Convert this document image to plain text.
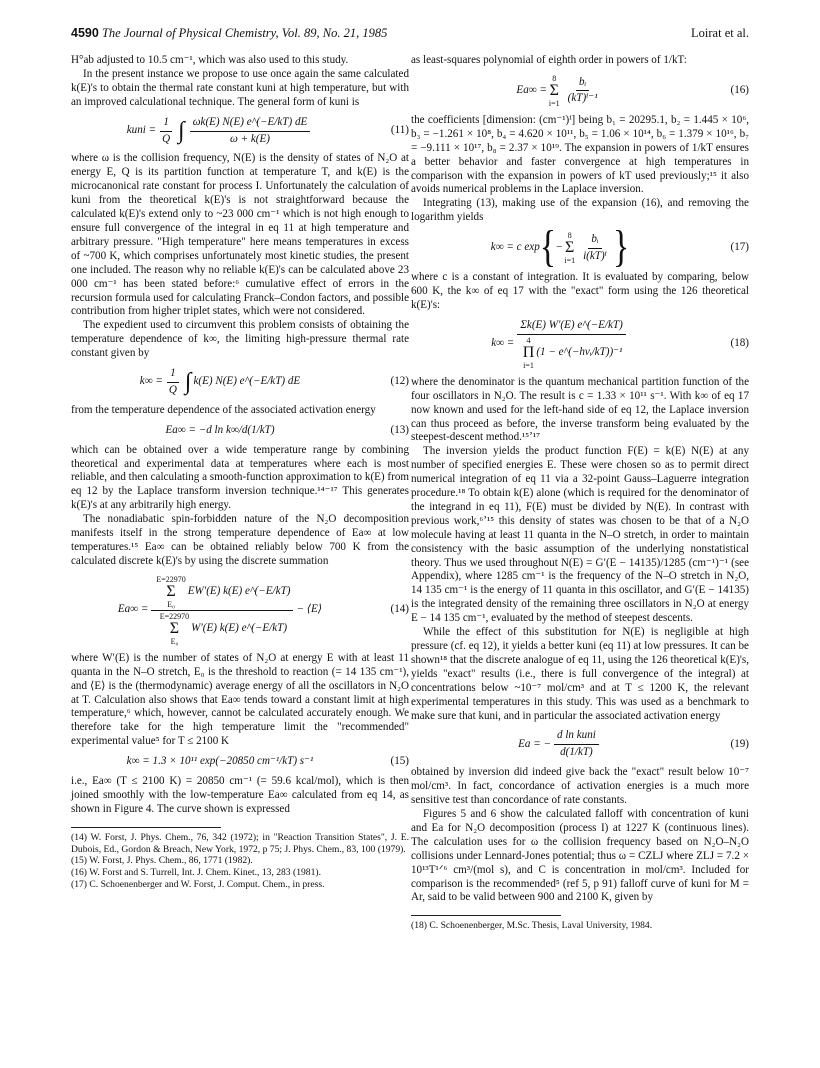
4590 The Journal of Physical Chemistry, Vol. 89, No. 21, 1985	Loirat et al.

H°ab adjusted to 10.5 cm⁻¹, which was also used to this study.

In the present instance we propose to use once again the same calculated k(E)'s to obtain the thermal rate constant kuni at high temperature, but with an improved calculational technique. The general form of kuni is

kuni = $\frac{1}{Q}$ ∫ $\frac{\omega k(E) N(E) e\^{}(-E/kT) dE}{\omega + k(E)}$	(11)

where ω is the collision frequency, N(E) is the density of states of N₂O at energy E, Q is its partition function at temperature T, and k(E) is the microcanonical rate constant for process I. Unfortunately the calculation of kuni from the theoretical k(E)'s is not straightforward because the calculated k(E)'s extend only to ~23 000 cm⁻¹ which is not high enough to ensure full convergence of the integral in eq 11 at high temperature and arbitrary pressure. "High temperature" here means temperatures in excess of ~700 K, which comprises unfortunately most kinetic studies, the present one included. The reason why no reliable k(E)'s can be calculated above 23 000 cm⁻¹ has been stated before:⁶ cumulative effect of errors in the recursion formula used for calculating Franck–Condon factors, and possible contribution from higher triplet states, which were not considered.

The expedient used to circumvent this problem consists of obtaining the temperature dependence of k∞, the limiting high-pressure thermal rate constant given by

$k\infty = \frac{1}{Q}$ ∫ k(E) N(E) e^(−E/kT) dE	(12)

from the temperature dependence of the associated activation energy

Ea∞ = −d ln k∞/d(1/kT)	(13)

which can be obtained over a wide temperature range by combining theoretical and experimental data at temperatures where each is most reliable, and then calculating a smooth-function approximation to k(E) from eq 12 by the Laplace transform inversion technique.¹⁴⁻¹⁷ This generates k(E)'s at any arbitrarily high energy.

The nonadiabatic spin-forbidden nature of the N₂O decomposition manifests itself in the strong temperature dependence of Ea∞ at low temperatures.¹⁵ Ea∞ can be obtained reliably below 700 K from the calculated discrete k(E)'s by using the discrete summation

Ea∞ = E=22970
Σ
E₀
EW′(E) k(E) e^(−E/kT)
E=22970
Σ
E₀
W′(E) k(E) e^(−E/kT) − ⟨E⟩	(14)

where W′(E) is the number of states of N₂O at energy E with at least 11 quanta in the N–O stretch, E₀ is the threshold to reaction (= 14 135 cm⁻¹), and ⟨E⟩ is the (thermodynamic) average energy of all the oscillators in N₂O at T. Calculation also shows that Ea∞ tends toward a constant limit at high temperature,⁶ which, however, cannot be calculated accurately enough. We therefore take for the high temperature limit the "recommended" experimental value⁵ for T ≤ 2100 K

k∞ = 1.3 × 10¹¹ exp(−20850 cm⁻¹/kT) s⁻¹	(15)

i.e., Ea∞ (T ≤ 2100 K) = 20850 cm⁻¹ (= 59.6 kcal/mol), which is then joined smoothly with the low-temperature Ea∞ calculated from eq 14, as shown in Figure 4. The curve shown is expressed

(14) W. Forst, J. Phys. Chem., 76, 342 (1972); in "Reaction Transition States", J. E. Dubois, Ed., Gordon & Breach, New York, 1972, p 75; J. Phys. Chem., 83, 100 (1979).

(15) W. Forst, J. Phys. Chem., 86, 1771 (1982).

(16) W. Forst and S. Turrell, Int. J. Chem. Kinet., 13, 283 (1981).

(17) C. Schoenenberger and W. Forst, J. Comput. Chem., in press.

as least-squares polynomial of eighth order in powers of 1/kT:

Ea∞ =
8
Σ
$i=1 \frac{\text{bᵢ}}{\text{(kT)ⁱ⁻¹}}$	(16)

the coefficients [dimension: (cm⁻¹)ⁱ] being b₁ = 20295.1, b₂ = 1.445 × 10⁶, b₃ = −1.261 × 10⁸, b₄ = 4.620 × 10¹¹, b₅ = 1.06 × 10¹⁴, b₆ = 1.379 × 10¹⁶, b₇ = −9.111 × 10¹⁷, b₈ = 2.37 × 10¹⁹. The expansion in powers of 1/kT ensures a better behavior and faster convergence at high temperatures in comparison with the expansion in powers of kT used previously;¹⁵ it also avoids numerical problems in the Laplace inversion.

Integrating (13), making use of the expansion (16), and removing the logarithm yields

k∞ = c exp { −
8
Σ
$i=1 \frac{\text{bᵢ}}{\text{i(kT)ⁱ}}$ }	(17)

where c is a constant of integration. It is evaluated by comparing, below 600 K, the k∞ of eq 17 with the "exact" form using the 126 theoretical k(E)'s:

k∞ = Σk(E) W′(E) e^(−E/kT)
4
Π
i=1
(1 − e^(−hνᵢ/kT))⁻¹	(18)

where the denominator is the quantum mechanical partition function of the four oscillators in N₂O. The result is c = 1.33 × 10¹¹ s⁻¹. With k∞ of eq 17 now known and used for the left-hand side of eq 12, the Laplace inversion can thus proceed as before, the inverse transform being evaluated by the steepest-descent method.¹⁵ʼ¹⁷

The inversion yields the product function F(E) = k(E) N(E) at any number of specified energies E. These were chosen so as to permit direct numerical integration of eq 11 via a 32-point Gauss–Laguerre integration procedure.¹⁸ To obtain k(E) alone (which is required for the denominator of the integrand in eq 11), F(E) must be divided by N(E). In contrast with previous work,⁶ʼ¹⁵ this density of states was chosen to be that of a N₂O molecule having at least 11 quanta in the N–O stretch, in order to maintain consistency with the basic assumption of the underlying nonstatistical theory. Thus we used throughout N(E) = G′(E − 14135)/1285 (cm⁻¹)⁻¹ (see Appendix), where 1285 cm⁻¹ is the frequency of the N–O stretch in N₂O, 14 135 cm⁻¹ is the energy of 11 quanta in this oscillator, and G′(E − 14135) is the integrated density of the remaining three oscillators in N₂O at energy E − 14 135 cm⁻¹, evaluated by the method of steepest descents.

While the effect of this substitution for N(E) is negligible at high pressure (cf. eq 12), it yields a better kuni (eq 11) at low pressures. It can be shown¹⁸ that the discrete analogue of eq 11, using the 126 theoretical k(E)'s, yields "exact" results (i.e., there is full convergence of the integral) at concentrations below ~10⁻⁷ mol/cm³ and at T ≤ 1200 K, the relevant experimental temperatures in this study. This was used as a benchmark to make sure that kuni, and in particular the associated activation energy

Ea = − $\frac{\text{d ln kuni}}{d(1/kT)}$	(19)

obtained by inversion did indeed give back the "exact" result below 10⁻⁷ mol/cm³. In fact, concordance of activation energies is a much more sensitive test than concordance of rate constants.

Figures 5 and 6 show the calculated falloff with concentration of kuni and Ea for N₂O decomposition (process I) at 1227 K (continuous lines). The calculation uses for ω the collision frequency based on N₂O–N₂O collisions under Lennard-Jones potential; thus ω = CZLJ where ZLJ = 7.2 × 10¹³T¹ᐟ⁶ cm³/(mol s), and C is concentration in mol/cm³. Included for comparison is the recommended⁵ (ref 5, p 91) falloff curve of kuni for M = Ar, said to be valid between 900 and 2100 K, given by

(18) C. Schoenenberger, M.Sc. Thesis, Laval University, 1984.
